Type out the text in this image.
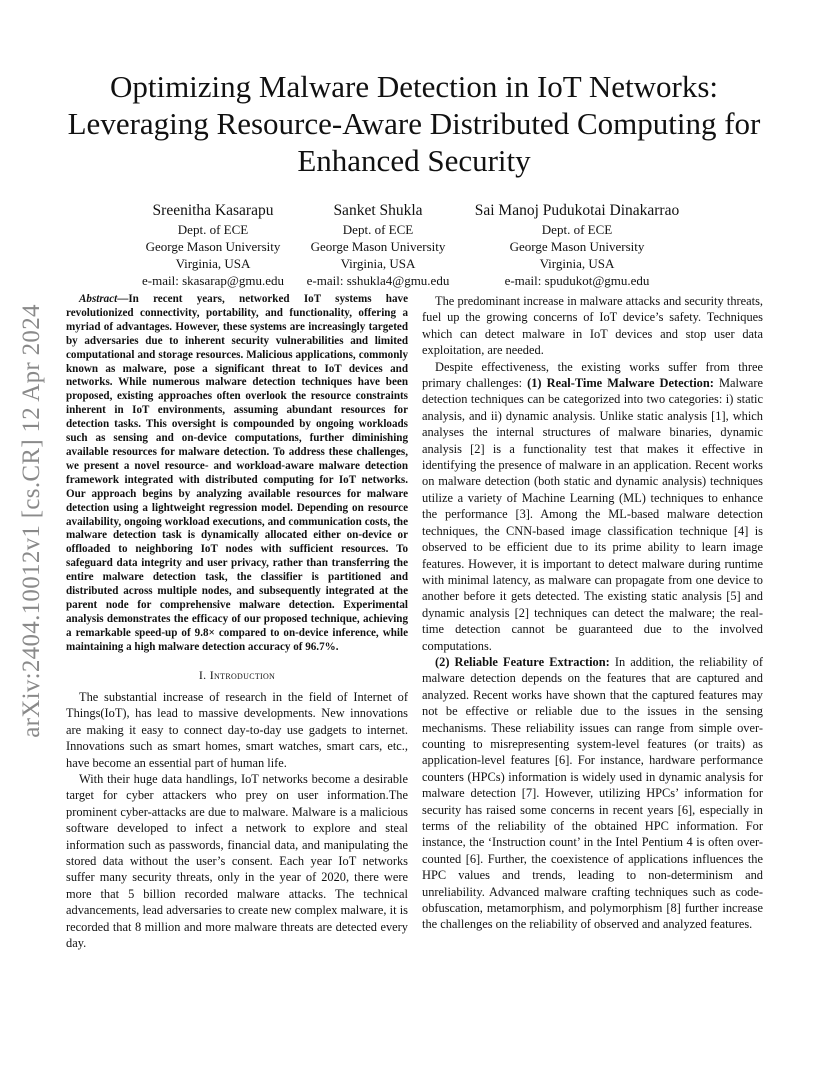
arXiv:2404.10012v1 [cs.CR] 12 Apr 2024
Optimizing Malware Detection in IoT Networks: Leveraging Resource-Aware Distributed Computing for Enhanced Security
Sreenitha Kasarapu
Dept. of ECE
George Mason University
Virginia, USA
e-mail: skasarap@gmu.edu
Sanket Shukla
Dept. of ECE
George Mason University
Virginia, USA
e-mail: sshukla4@gmu.edu
Sai Manoj Pudukotai Dinakarrao
Dept. of ECE
George Mason University
Virginia, USA
e-mail: spudukot@gmu.edu

Abstract—In recent years, networked IoT systems have revolutionized connectivity, portability, and functionality, offering a myriad of advantages. However, these systems are increasingly targeted by adversaries due to inherent security vulnerabilities and limited computational and storage resources. Malicious applications, commonly known as malware, pose a significant threat to IoT devices and networks. While numerous malware detection techniques have been proposed, existing approaches often overlook the resource constraints inherent in IoT environments, assuming abundant resources for detection tasks. This oversight is compounded by ongoing workloads such as sensing and on-device computations, further diminishing available resources for malware detection. To address these challenges, we present a novel resource- and workload-aware malware detection framework integrated with distributed computing for IoT networks. Our approach begins by analyzing available resources for malware detection using a lightweight regression model. Depending on resource availability, ongoing workload executions, and communication costs, the malware detection task is dynamically allocated either on-device or offloaded to neighboring IoT nodes with sufficient resources. To safeguard data integrity and user privacy, rather than transferring the entire malware detection task, the classifier is partitioned and distributed across multiple nodes, and subsequently integrated at the parent node for comprehensive malware detection. Experimental analysis demonstrates the efficacy of our proposed technique, achieving a remarkable speed-up of 9.8× compared to on-device inference, while maintaining a high malware detection accuracy of 96.7%.

I. Introduction

The substantial increase of research in the field of Internet of Things(IoT), has lead to massive developments. New innovations are making it easy to connect day-to-day use gadgets to internet. Innovations such as smart homes, smart watches, smart cars, etc., have become an essential part of human life.

With their huge data handlings, IoT networks become a desirable target for cyber attackers who prey on user information.The prominent cyber-attacks are due to malware. Malware is a malicious software developed to infect a network to explore and steal information such as passwords, financial data, and manipulating the stored data without the user’s consent. Each year IoT networks suffer many security threats, only in the year of 2020, there were more that 5 billion recorded malware attacks. The technical advancements, lead adversaries to create new complex malware, it is recorded that 8 million and more malware threats are detected every day.

The predominant increase in malware attacks and security threats, fuel up the growing concerns of IoT device’s safety. Techniques which can detect malware in IoT devices and stop user data exploitation, are needed.

Despite effectiveness, the existing works suffer from three primary challenges: (1) Real-Time Malware Detection: Malware detection techniques can be categorized into two categories: i) static analysis, and ii) dynamic analysis. Unlike static analysis [1], which analyses the internal structures of malware binaries, dynamic analysis [2] is a functionality test that makes it effective in identifying the presence of malware in an application. Recent works on malware detection (both static and dynamic analysis) techniques utilize a variety of Machine Learning (ML) techniques to enhance the performance [3]. Among the ML-based malware detection techniques, the CNN-based image classification technique [4] is observed to be efficient due to its prime ability to learn image features. However, it is important to detect malware during runtime with minimal latency, as malware can propagate from one device to another before it gets detected. The existing static analysis [5] and dynamic analysis [2] techniques can detect the malware; the real-time detection cannot be guaranteed due to the involved computations.

(2) Reliable Feature Extraction: In addition, the reliability of malware detection depends on the features that are captured and analyzed. Recent works have shown that the captured features may not be effective or reliable due to the issues in the sensing mechanisms. These reliability issues can range from simple over-counting to misrepresenting system-level features (or traits) as application-level features [6]. For instance, hardware performance counters (HPCs) information is widely used in dynamic analysis for malware detection [7]. However, utilizing HPCs’ information for security has raised some concerns in recent years [6], especially in terms of the reliability of the obtained HPC information. For instance, the ‘Instruction count’ in the Intel Pentium 4 is often over-counted [6]. Further, the coexistence of applications influences the HPC values and trends, leading to non-determinism and unreliability. Advanced malware crafting techniques such as code-obfuscation, metamorphism, and polymorphism [8] further increase the challenges on the reliability of observed and analyzed features.
